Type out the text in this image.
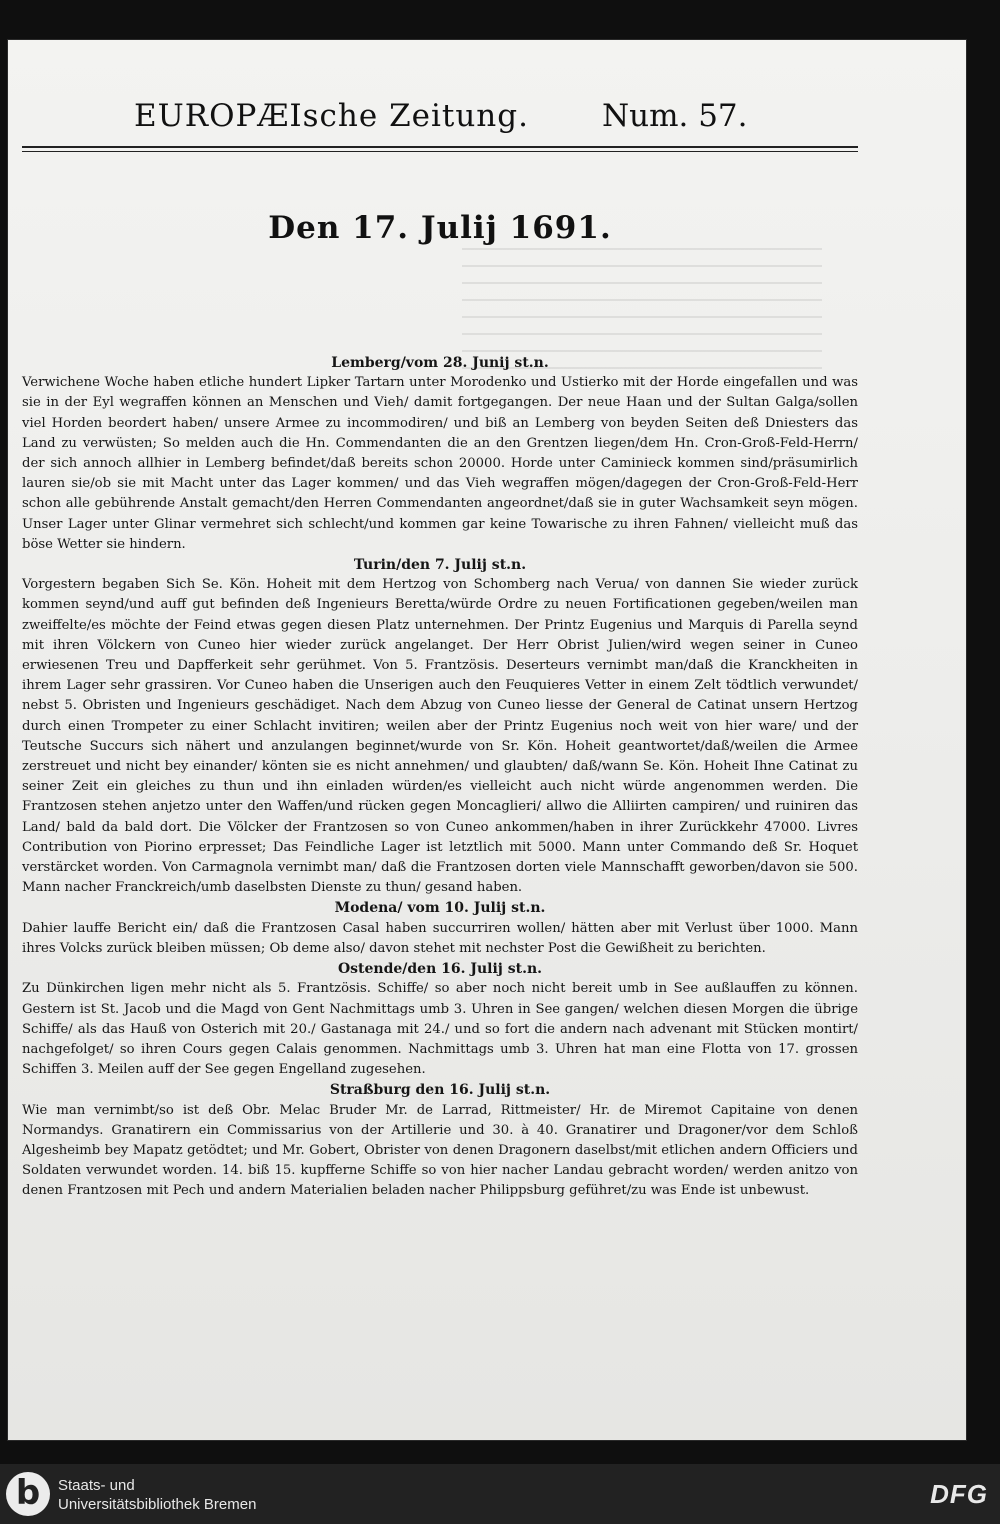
EUROPÆIsche Zeitung. Num. 57.
Den 17. Julij 1691.

Lemberg/vom 28. Junij st.n.

Verwichene Woche haben etliche hundert Lipker Tartarn unter Morodenko und Ustierko mit der Horde eingefallen und was sie in der Eyl wegraffen können an Menschen und Vieh/ damit fortgegangen. Der neue Haan und der Sultan Galga/sollen viel Horden beordert haben/ unsere Armee zu incommodiren/ und biß an Lemberg von beyden Seiten deß Dniesters das Land zu verwüsten; So melden auch die Hn. Commendanten die an den Grentzen liegen/dem Hn. Cron-Groß-Feld-Herrn/ der sich annoch allhier in Lemberg befindet/daß bereits schon 20000. Horde unter Caminieck kommen sind/präsumirlich lauren sie/ob sie mit Macht unter das Lager kommen/ und das Vieh wegraffen mögen/dagegen der Cron-Groß-Feld-Herr schon alle gebührende Anstalt gemacht/den Herren Commendanten angeordnet/daß sie in guter Wachsamkeit seyn mögen. Unser Lager unter Glinar vermehret sich schlecht/und kommen gar keine Towarische zu ihren Fahnen/ vielleicht muß das böse Wetter sie hindern.

Turin/den 7. Julij st.n.

Vorgestern begaben Sich Se. Kön. Hoheit mit dem Hertzog von Schomberg nach Verua/ von dannen Sie wieder zurück kommen seynd/und auff gut befinden deß Ingenieurs Beretta/würde Ordre zu neuen Fortificationen gegeben/weilen man zweiffelte/es möchte der Feind etwas gegen diesen Platz unternehmen. Der Printz Eugenius und Marquis di Parella seynd mit ihren Völckern von Cuneo hier wieder zurück angelanget. Der Herr Obrist Julien/wird wegen seiner in Cuneo erwiesenen Treu und Dapfferkeit sehr gerühmet. Von 5. Frantzösis. Deserteurs vernimbt man/daß die Kranckheiten in ihrem Lager sehr grassiren. Vor Cuneo haben die Unserigen auch den Feuquieres Vetter in einem Zelt tödtlich verwundet/ nebst 5. Obristen und Ingenieurs geschädiget. Nach dem Abzug von Cuneo liesse der General de Catinat unsern Hertzog durch einen Trompeter zu einer Schlacht invitiren; weilen aber der Printz Eugenius noch weit von hier ware/ und der Teutsche Succurs sich nähert und anzulangen beginnet/wurde von Sr. Kön. Hoheit geantwortet/daß/weilen die Armee zerstreuet und nicht bey einander/ könten sie es nicht annehmen/ und glaubten/ daß/wann Se. Kön. Hoheit Ihne Catinat zu seiner Zeit ein gleiches zu thun und ihn einladen würden/es vielleicht auch nicht würde angenommen werden. Die Frantzosen stehen anjetzo unter den Waffen/und rücken gegen Moncaglieri/ allwo die Alliirten campiren/ und ruiniren das Land/ bald da bald dort. Die Völcker der Frantzosen so von Cuneo ankommen/haben in ihrer Zurückkehr 47000. Livres Contribution von Piorino erpresset; Das Feindliche Lager ist letztlich mit 5000. Mann unter Commando deß Sr. Hoquet verstärcket worden. Von Carmagnola vernimbt man/ daß die Frantzosen dorten viele Mannschafft geworben/davon sie 500. Mann nacher Franckreich/umb daselbsten Dienste zu thun/ gesand haben.

Modena/ vom 10. Julij st.n.

Dahier lauffe Bericht ein/ daß die Frantzosen Casal haben succurriren wollen/ hätten aber mit Verlust über 1000. Mann ihres Volcks zurück bleiben müssen; Ob deme also/ davon stehet mit nechster Post die Gewißheit zu berichten.

Ostende/den 16. Julij st.n.

Zu Dünkirchen ligen mehr nicht als 5. Frantzösis. Schiffe/ so aber noch nicht bereit umb in See außlauffen zu können. Gestern ist St. Jacob und die Magd von Gent Nachmittags umb 3. Uhren in See gangen/ welchen diesen Morgen die übrige Schiffe/ als das Hauß von Osterich mit 20./ Gastanaga mit 24./ und so fort die andern nach advenant mit Stücken montirt/ nachgefolget/ so ihren Cours gegen Calais genommen. Nachmittags umb 3. Uhren hat man eine Flotta von 17. grossen Schiffen 3. Meilen auff der See gegen Engelland zugesehen.

Straßburg den 16. Julij st.n.

Wie man vernimbt/so ist deß Obr. Melac Bruder Mr. de Larrad, Rittmeister/ Hr. de Miremot Capitaine von denen Normandys. Granatirern ein Commissarius von der Artillerie und 30. à 40. Granatirer und Dragoner/vor dem Schloß Algesheimb bey Mapatz getödtet; und Mr. Gobert, Obrister von denen Dragonern daselbst/mit etlichen andern Officiers und Soldaten verwundet worden. 14. biß 15. kupfferne Schiffe so von hier nacher Landau gebracht worden/ werden anitzo von denen Frantzosen mit Pech und andern Materialien beladen nacher Philippsburg geführet/zu was Ende ist unbewust.

b	Staats- und
Universitätsbibliothek Bremen	DFG
